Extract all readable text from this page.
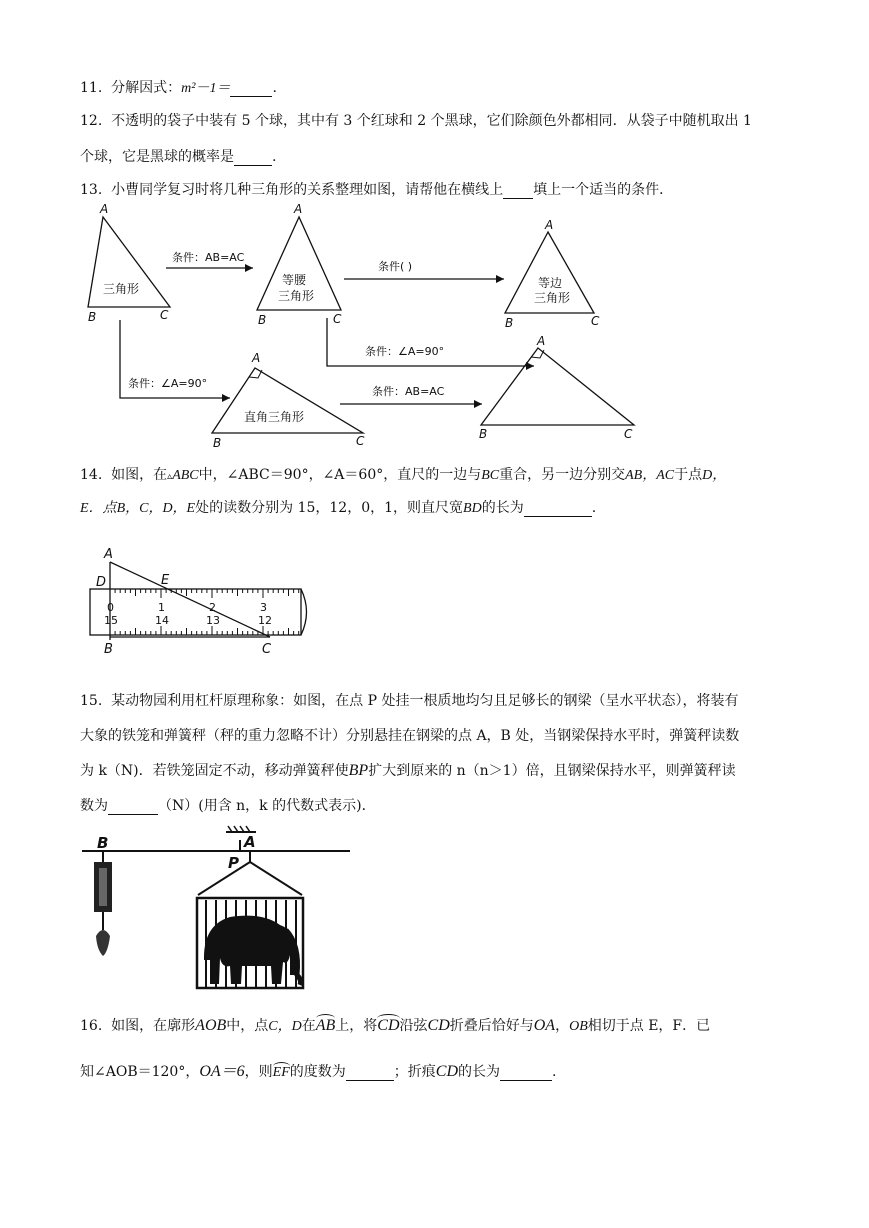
11. 分解因式：m²－1＝	.
12. 不透明的袋子中装有 5 个球，其中有 3 个红球和 2 个黑球，它们除颜色外都相同．从袋子中随机取出 1
个球，它是黑球的概率是	.
13. 小曹同学复习时将几种三角形的关系整理如图，请帮他在横线上 填上一个适当的条件．
A
B	C
A
B	C
A
B	C
A
B	C
A
B	C
三角形
等腰
三角形
等边
三角形
直角三角形
条件：AB=AC
条件( )
条件：∠A=90°
条件：∠A=90°
条件：AB=AC
14. 如图，在▵ABC中，∠ABC＝90°，∠A＝60°，直尺的一边与BC重合，另一边分别交AB，AC于点D，
E．点B，C，D，E处的读数分别为 15，12，0，1，则直尺宽BD的长为	.
A
D	E
B	C
0	1	2	3
15	14	13	12
15. 某动物园利用杠杆原理称象：如图，在点 P 处挂一根质地均匀且足够长的钢梁（呈水平状态），将装有
大象的铁笼和弹簧秤（秤的重力忽略不计）分别悬挂在钢梁的点 A，B 处，当钢梁保持水平时，弹簧秤读数
为 k（N)．若铁笼固定不动，移动弹簧秤使BP扩大到原来的 n（n＞1）倍，且钢梁保持水平，则弹簧秤读
数为	（N）(用含 n，k 的代数式表示)．
B	A
P
16. 如图，在廓形AOB中，点C，D在AB上，将CD沿弦CD折叠后恰好与OA，OB相切于点 E，F．已
知∠AOB＝120°，OA＝6，则EF的度数为	；折痕CD的长为	.
